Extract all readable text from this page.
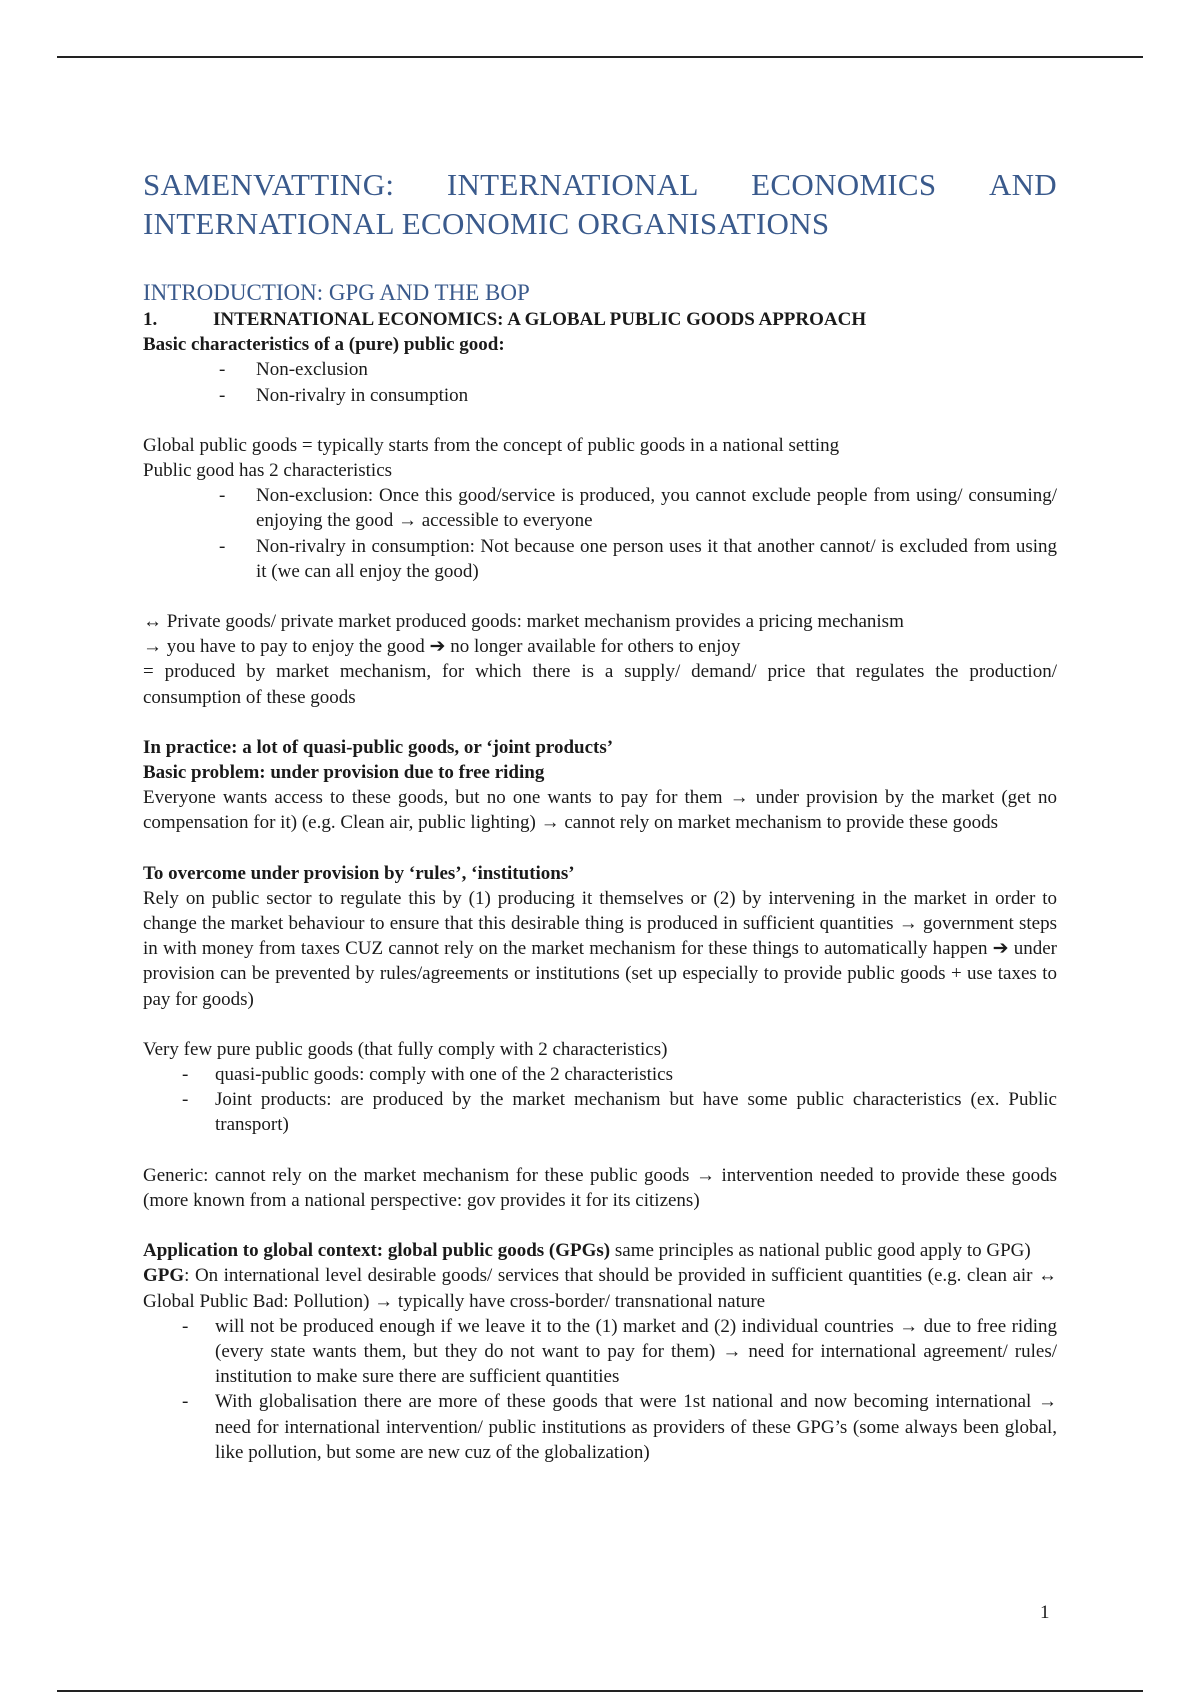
SAMENVATTING: INTERNATIONAL ECONOMICS AND
INTERNATIONAL ECONOMIC ORGANISATIONS
INTRODUCTION: GPG AND THE BOP
1.	INTERNATIONAL ECONOMICS: A GLOBAL PUBLIC GOODS APPROACH
Basic characteristics of a (pure) public good:
- Non-exclusion
- Non-rivalry in consumption

Global public goods = typically starts from the concept of public goods in a national setting

Public good has 2 characteristics

- Non-exclusion: Once this good/service is produced, you cannot exclude people from using/ consuming/ enjoying the good → accessible to everyone
- Non-rivalry in consumption: Not because one person uses it that another cannot/ is excluded from using it (we can all enjoy the good)

↔ Private goods/ private market produced goods: market mechanism provides a pricing mechanism

→ you have to pay to enjoy the good ➔ no longer available for others to enjoy

= produced by market mechanism, for which there is a supply/ demand/ price that regulates the production/ consumption of these goods

In practice: a lot of quasi-public goods, or ‘joint products’
Basic problem: under provision due to free riding

Everyone wants access to these goods, but no one wants to pay for them → under provision by the market (get no compensation for it) (e.g. Clean air, public lighting) → cannot rely on market mechanism to provide these goods

To overcome under provision by ‘rules’, ‘institutions’

Rely on public sector to regulate this by (1) producing it themselves or (2) by intervening in the market in order to change the market behaviour to ensure that this desirable thing is produced in sufficient quantities → government steps in with money from taxes CUZ cannot rely on the market mechanism for these things to automatically happen ➔ under provision can be prevented by rules/agreements or institutions (set up especially to provide public goods + use taxes to pay for goods)

Very few pure public goods (that fully comply with 2 characteristics)

- quasi-public goods: comply with one of the 2 characteristics
- Joint products: are produced by the market mechanism but have some public characteristics (ex. Public transport)

Generic: cannot rely on the market mechanism for these public goods → intervention needed to provide these goods (more known from a national perspective: gov provides it for its citizens)

Application to global context: global public goods (GPGs) same principles as national public good apply to GPG)

GPG: On international level desirable goods/ services that should be provided in sufficient quantities (e.g. clean air ↔ Global Public Bad: Pollution) → typically have cross-border/ transnational nature

- will not be produced enough if we leave it to the (1) market and (2) individual countries → due to free riding (every state wants them, but they do not want to pay for them) → need for international agreement/ rules/ institution to make sure there are sufficient quantities
- With globalisation there are more of these goods that were 1st national and now becoming international → need for international intervention/ public institutions as providers of these GPG’s (some always been global, like pollution, but some are new cuz of the globalization)
1
